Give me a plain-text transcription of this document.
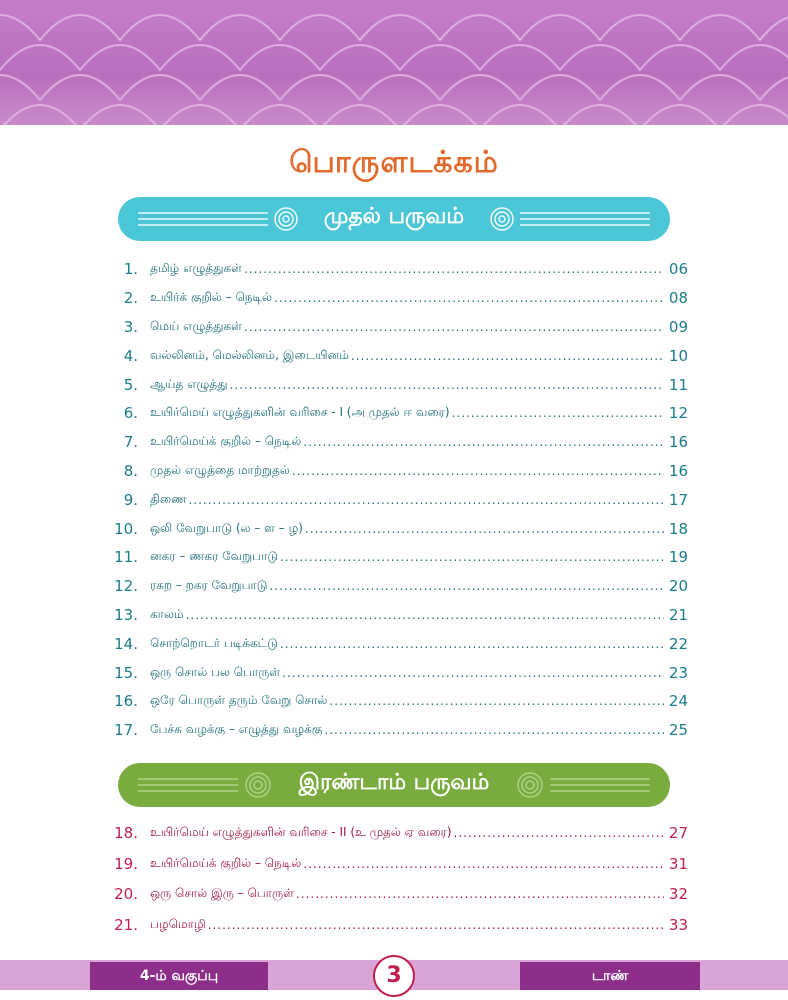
பொருளடக்கம்
முதல் பருவம்
1.	தமிழ் எழுத்துகள் .....	06
2.	உயிர்க் குறில் – நெடில் .....	08
3.	மெய் எழுத்துகள் .....	09
4.	வல்லினம், மெல்லினம், இடையினம் .....	10
5.	ஆய்த எழுத்து .....	11
6.	உயிர்மெய் எழுத்துகளின் வரிசை - I (அ முதல் ஈ வரை) .....	12
7.	உயிர்மெய்க் குறில் – நெடில் .....	16
8.	முதல் எழுத்தை மாற்றுதல் .....	16
9.	திணை .....	17
10.	ஒலி வேறுபாடு (ல – ள – ழ) .....	18
11.	னகர – ணகர வேறுபாடு .....	19
12.	ரகற – றகர வேறுபாடு .....	20
13.	காலம் .....	21
14.	சொற்றொடர் படிக்கட்டு .....	22
15.	ஒரு சொல் பல பொருள் .....	23
16.	ஒரே பொருள் தரும் வேறு சொல் .....	24
17.	பேச்சு வழக்கு – எழுத்து வழக்கு .....	25
இரண்டாம் பருவம்
18.	உயிர்மெய் எழுத்துகளின் வரிசை - II (உ முதல் ஏ வரை) .....	27
19.	உயிர்மெய்க் குறில் – நெடில் .....	31
20.	ஒரு சொல் இரு – பொருள் .....	32
21.	பழமொழி .....	33
4-ம் வகுப்பு	டாண்
3
